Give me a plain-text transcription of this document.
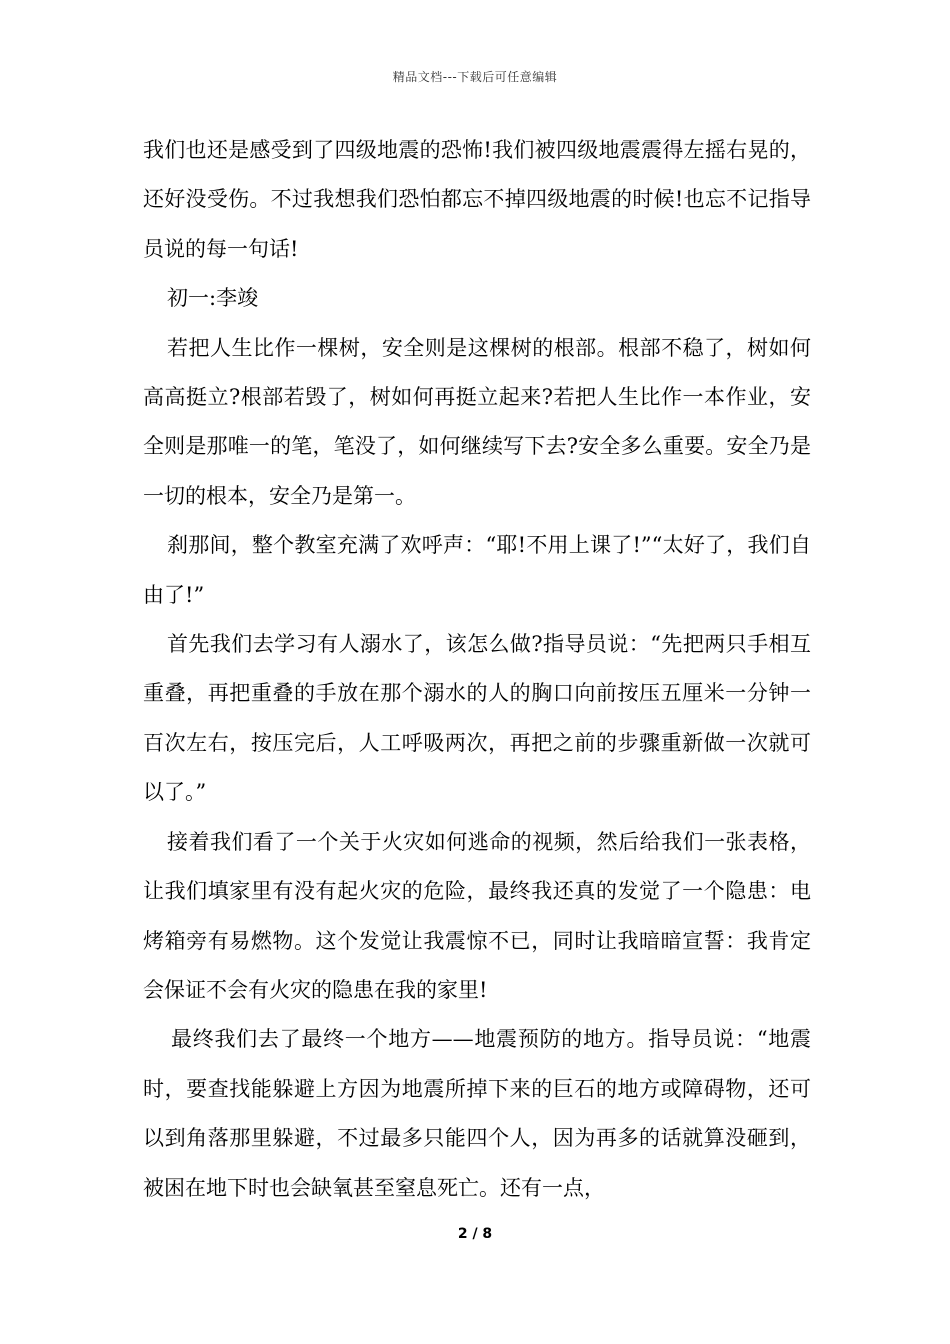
精品文档---下载后可任意编辑

我们也还是感受到了四级地震的恐怖!我们被四级地震震得左摇右晃的，还好没受伤。不过我想我们恐怕都忘不掉四级地震的时候!也忘不记指导员说的每一句话!

初一:李竣

若把人生比作一棵树，安全则是这棵树的根部。根部不稳了，树如何高高挺立?根部若毁了，树如何再挺立起来?若把人生比作一本作业，安全则是那唯一的笔，笔没了，如何继续写下去?安全多么重要。安全乃是一切的根本，安全乃是第一。

刹那间，整个教室充满了欢呼声：“耶!不用上课了!”“太好了，我们自由了!”

首先我们去学习有人溺水了，该怎么做?指导员说：“先把两只手相互重叠，再把重叠的手放在那个溺水的人的胸口向前按压五厘米一分钟一百次左右，按压完后，人工呼吸两次，再把之前的步骤重新做一次就可以了。”

接着我们看了一个关于火灾如何逃命的视频，然后给我们一张表格，让我们填家里有没有起火灾的危险，最终我还真的发觉了一个隐患：电烤箱旁有易燃物。这个发觉让我震惊不已，同时让我暗暗宣誓：我肯定会保证不会有火灾的隐患在我的家里!

最终我们去了最终一个地方——地震预防的地方。指导员说：“地震时，要查找能躲避上方因为地震所掉下来的巨石的地方或障碍物，还可以到角落那里躲避，不过最多只能四个人，因为再多的话就算没砸到，被困在地下时也会缺氧甚至窒息死亡。还有一点，

2 / 8
